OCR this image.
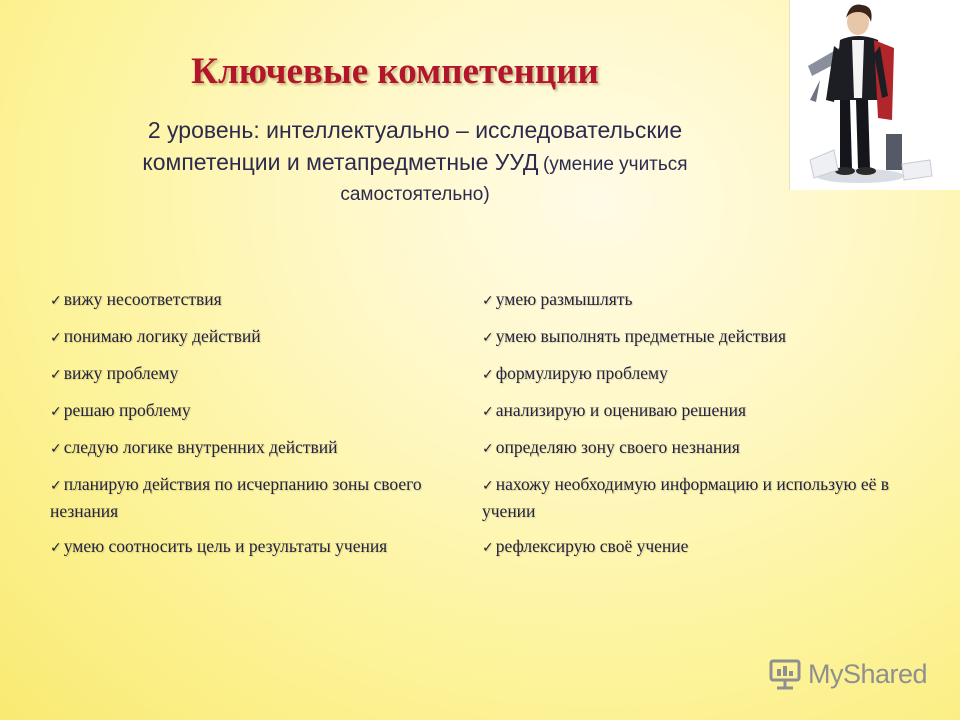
Ключевые компетенции
2 уровень: интеллектуально – исследовательские
компетенции и метапредметные УУД (умение учиться
самостоятельно)
✓ вижу несоответствия
✓ понимаю логику действий
✓ вижу проблему
✓ решаю проблему
✓ следую логике внутренних действий
✓ планирую действия по исчерпанию зоны своего незнания
✓ умею соотносить цель и результаты учения
✓ умею размышлять
✓ умею выполнять предметные действия
✓ формулирую проблему
✓ анализирую и оцениваю решения
✓ определяю зону своего незнания
✓ нахожу необходимую информацию и использую её в учении
✓ рефлексирую своё учение
MyShared
